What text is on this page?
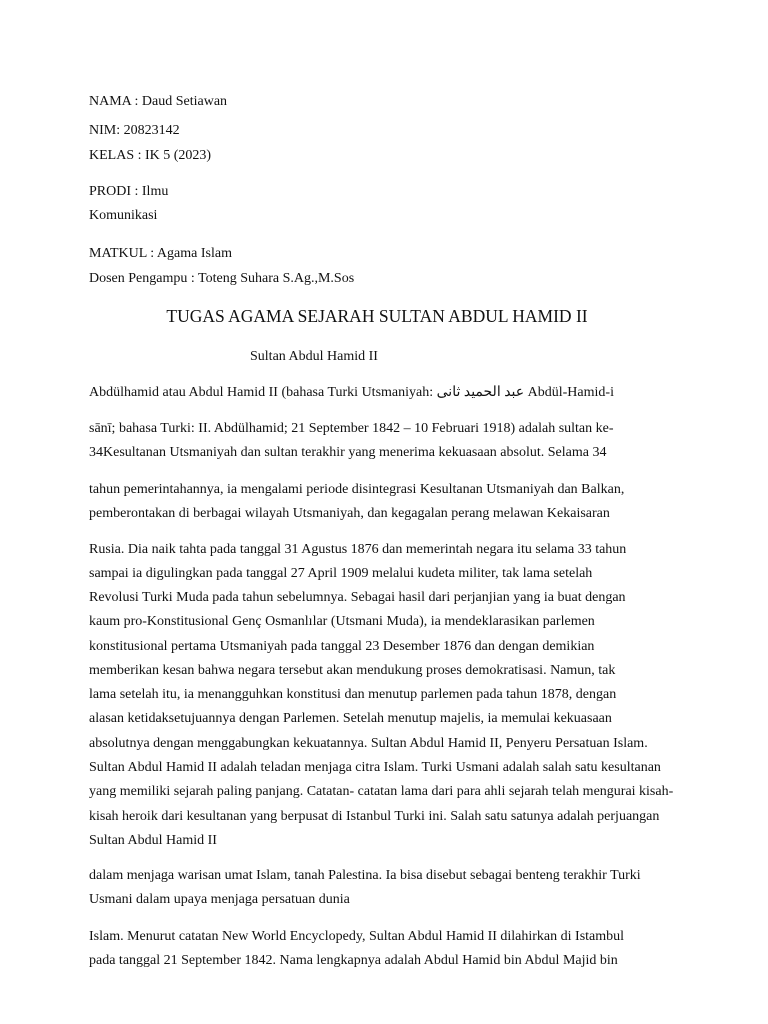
NAMA : Daud Setiawan
NIM: 20823142
KELAS : IK 5 (2023)
PRODI : Ilmu
Komunikasi
MATKUL : Agama Islam
Dosen Pengampu : Toteng Suhara S.Ag.,M.Sos
TUGAS AGAMA SEJARAH SULTAN ABDUL HAMID II
Sultan Abdul Hamid II
Abdülhamid atau Abdul Hamid II (bahasa Turki Utsmaniyah: عبد الحميد ثانی Abdül-Hamid-i
sānī; bahasa Turki: II. Abdülhamid; 21 September 1842 – 10 Februari 1918) adalah sultan ke-
34Kesultanan Utsmaniyah dan sultan terakhir yang menerima kekuasaan absolut. Selama 34
tahun pemerintahannya, ia mengalami periode disintegrasi Kesultanan Utsmaniyah dan Balkan,
pemberontakan di berbagai wilayah Utsmaniyah, dan kegagalan perang melawan Kekaisaran
Rusia. Dia naik tahta pada tanggal 31 Agustus 1876 dan memerintah negara itu selama 33 tahun
sampai ia digulingkan pada tanggal 27 April 1909 melalui kudeta militer, tak lama setelah
Revolusi Turki Muda pada tahun sebelumnya. Sebagai hasil dari perjanjian yang ia buat dengan
kaum pro-Konstitusional Genç Osmanlılar (Utsmani Muda), ia mendeklarasikan parlemen
konstitusional pertama Utsmaniyah pada tanggal 23 Desember 1876 dan dengan demikian
memberikan kesan bahwa negara tersebut akan mendukung proses demokratisasi. Namun, tak
lama setelah itu, ia menangguhkan konstitusi dan menutup parlemen pada tahun 1878, dengan
alasan ketidaksetujuannya dengan Parlemen. Setelah menutup majelis, ia memulai kekuasaan
absolutnya dengan menggabungkan kekuatannya. Sultan Abdul Hamid II, Penyeru Persatuan Islam.
Sultan Abdul Hamid II adalah teladan menjaga citra Islam. Turki Usmani adalah salah satu kesultanan
yang memiliki sejarah paling panjang. Catatan- catatan lama dari para ahli sejarah telah mengurai kisah-
kisah heroik dari kesultanan yang berpusat di Istanbul Turki ini. Salah satu satunya adalah perjuangan
Sultan Abdul Hamid II
dalam menjaga warisan umat Islam, tanah Palestina. Ia bisa disebut sebagai benteng terakhir Turki
Usmani dalam upaya menjaga persatuan dunia
Islam. Menurut catatan New World Encyclopedy, Sultan Abdul Hamid II dilahirkan di Istambul
pada tanggal 21 September 1842. Nama lengkapnya adalah Abdul Hamid bin Abdul Majid bin
